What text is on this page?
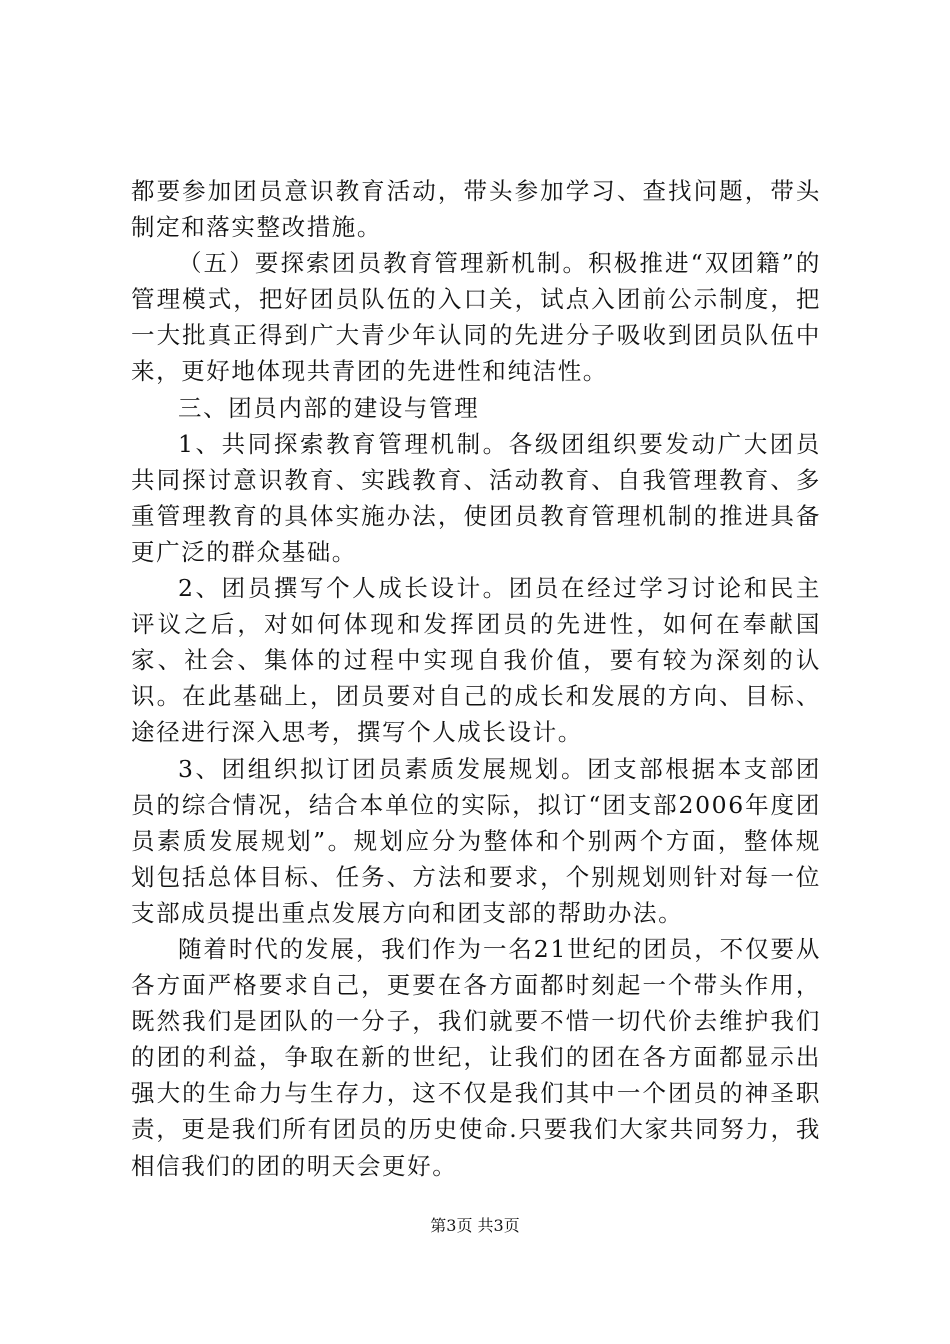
都要参加团员意识教育活动，带头参加学习、查找问题，带头制定和落实整改措施。

（五）要探索团员教育管理新机制。积极推进“双团籍”的管理模式，把好团员队伍的入口关，试点入团前公示制度，把一大批真正得到广大青少年认同的先进分子吸收到团员队伍中来，更好地体现共青团的先进性和纯洁性。

三、团员内部的建设与管理

1、共同探索教育管理机制。各级团组织要发动广大团员共同探讨意识教育、实践教育、活动教育、自我管理教育、多重管理教育的具体实施办法，使团员教育管理机制的推进具备更广泛的群众基础。

2、团员撰写个人成长设计。团员在经过学习讨论和民主评议之后，对如何体现和发挥团员的先进性，如何在奉献国家、社会、集体的过程中实现自我价值，要有较为深刻的认识。在此基础上，团员要对自己的成长和发展的方向、目标、途径进行深入思考，撰写个人成长设计。

3、团组织拟订团员素质发展规划。团支部根据本支部团员的综合情况，结合本单位的实际，拟订“团支部2006年度团员素质发展规划”。规划应分为整体和个别两个方面，整体规划包括总体目标、任务、方法和要求，个别规划则针对每一位支部成员提出重点发展方向和团支部的帮助办法。

随着时代的发展，我们作为一名21世纪的团员，不仅要从各方面严格要求自己，更要在各方面都时刻起一个带头作用，既然我们是团队的一分子，我们就要不惜一切代价去维护我们的团的利益，争取在新的世纪，让我们的团在各方面都显示出强大的生命力与生存力，这不仅是我们其中一个团员的神圣职责，更是我们所有团员的历史使命.只要我们大家共同努力，我相信我们的团的明天会更好。

第3页 共3页
